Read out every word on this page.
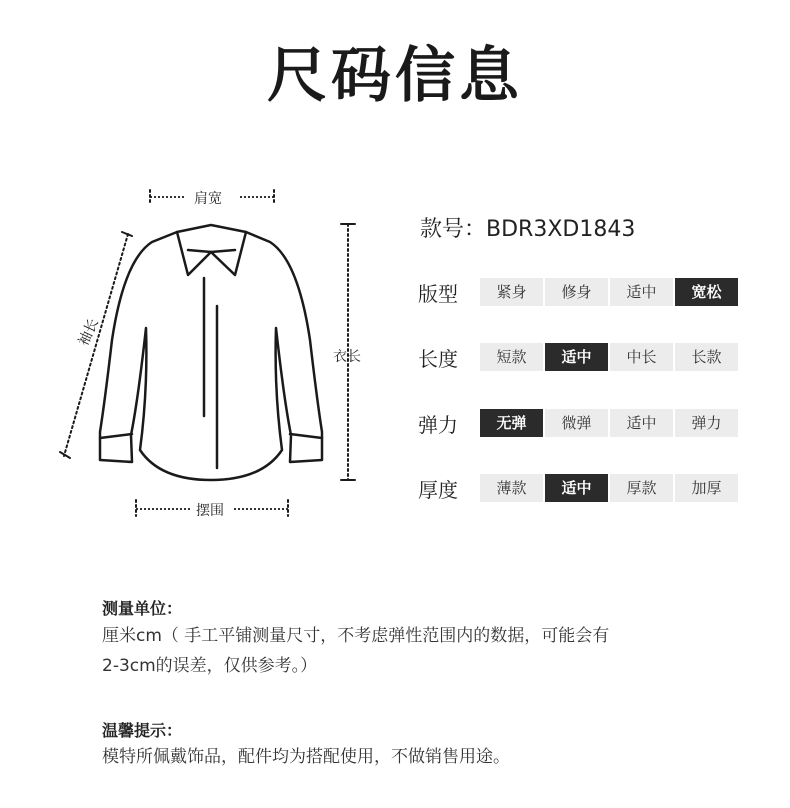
尺码信息
肩宽
袖长
衣长
摆围
款号：BDR3XD1843
版型	紧身	修身	适中	宽松
长度	短款	适中	中长	长款
弹力	无弹	微弹	适中	弹力
厚度	薄款	适中	厚款	加厚
测量单位：
厘米cm（ 手工平铺测量尺寸，不考虑弹性范围内的数据，可能会有
2-3cm的误差，仅供参考。）
温馨提示：
模特所佩戴饰品，配件均为搭配使用，不做销售用途。
